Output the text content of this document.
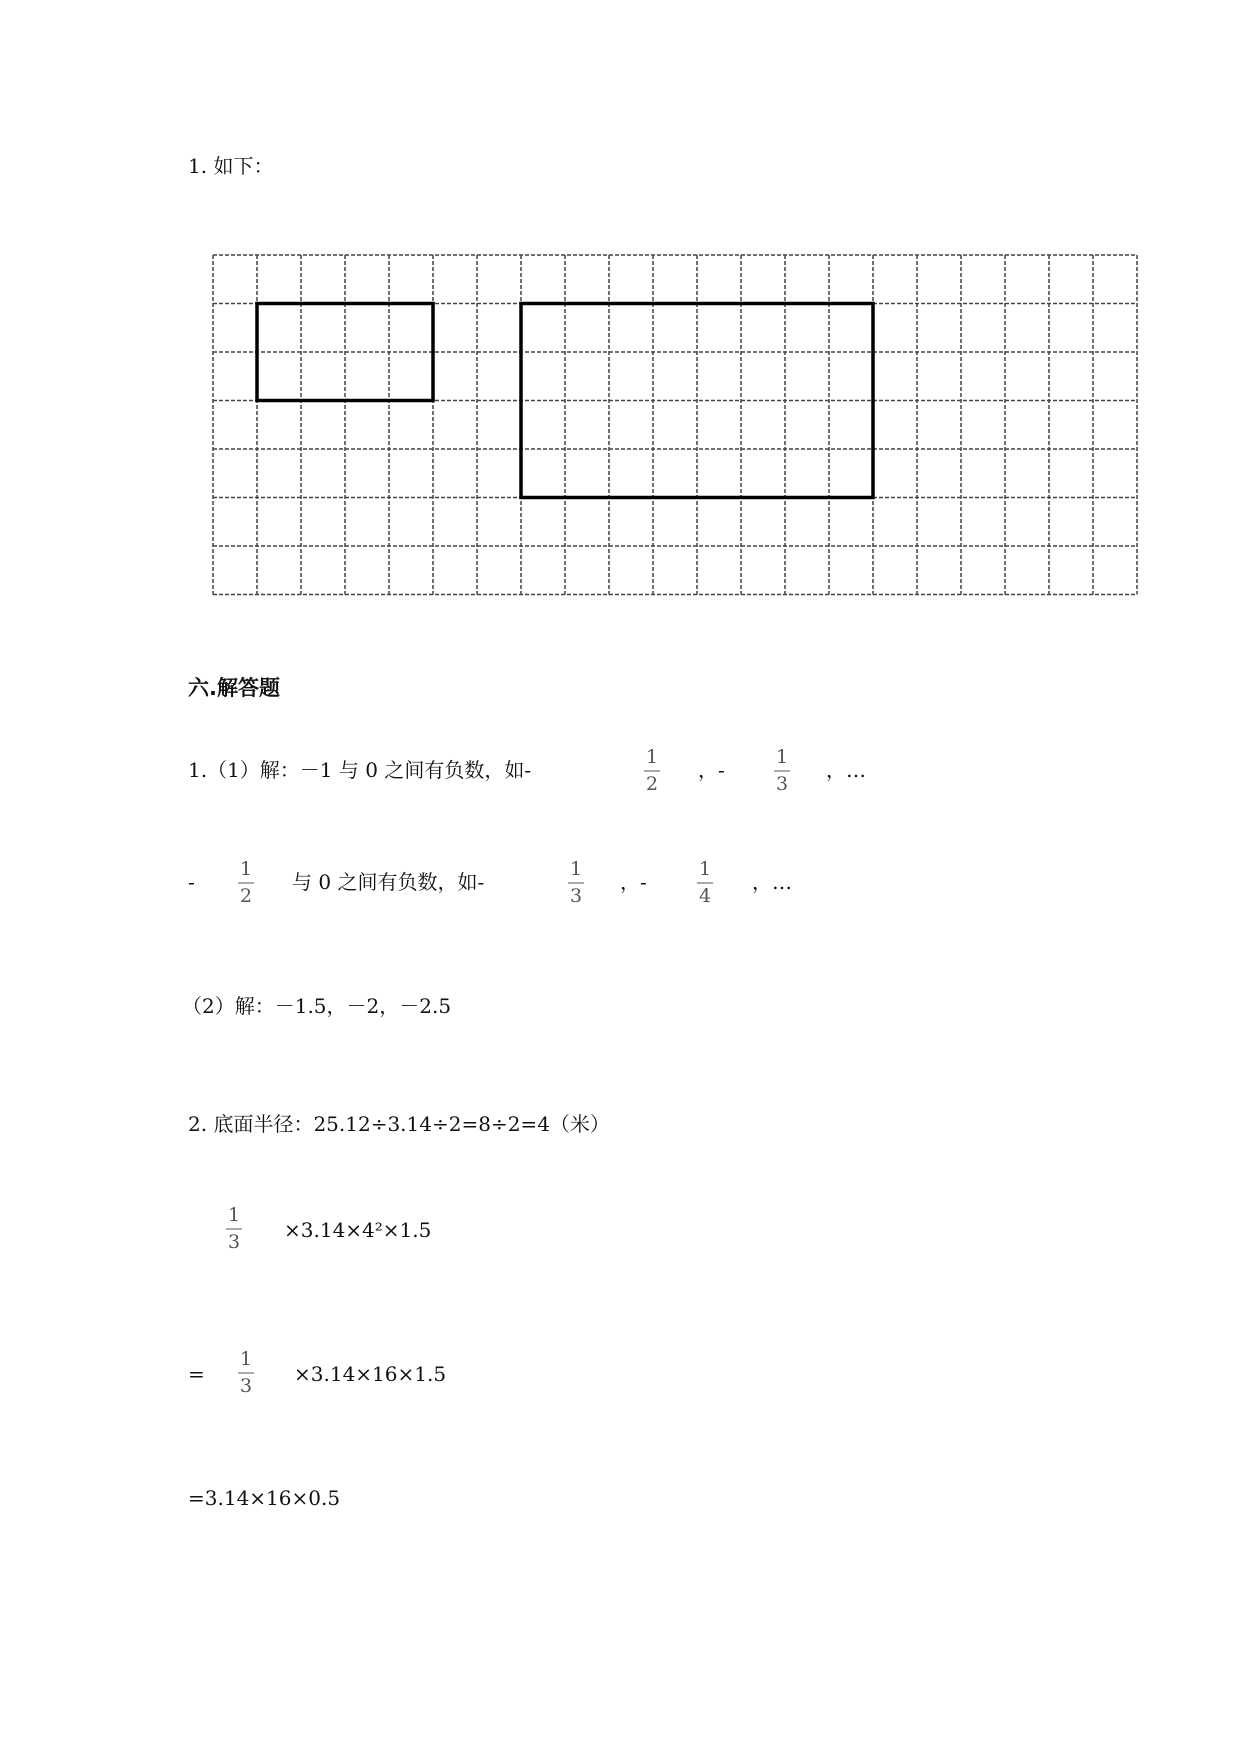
1. 如下：
六.解答题
1.（1）解：－1 与 0 之间有负数，如-
1
2
，-
1
3
，…
-
1
2
与 0 之间有负数，如-
1
3
，-
1
4
，…
（2）解：－1.5，－2，－2.5
2. 底面半径：25.12÷3.14÷2=8÷2=4（米）
1
3 ×3.14×4²×1.5
=
1
3 ×3.14×16×1.5
=3.14×16×0.5
